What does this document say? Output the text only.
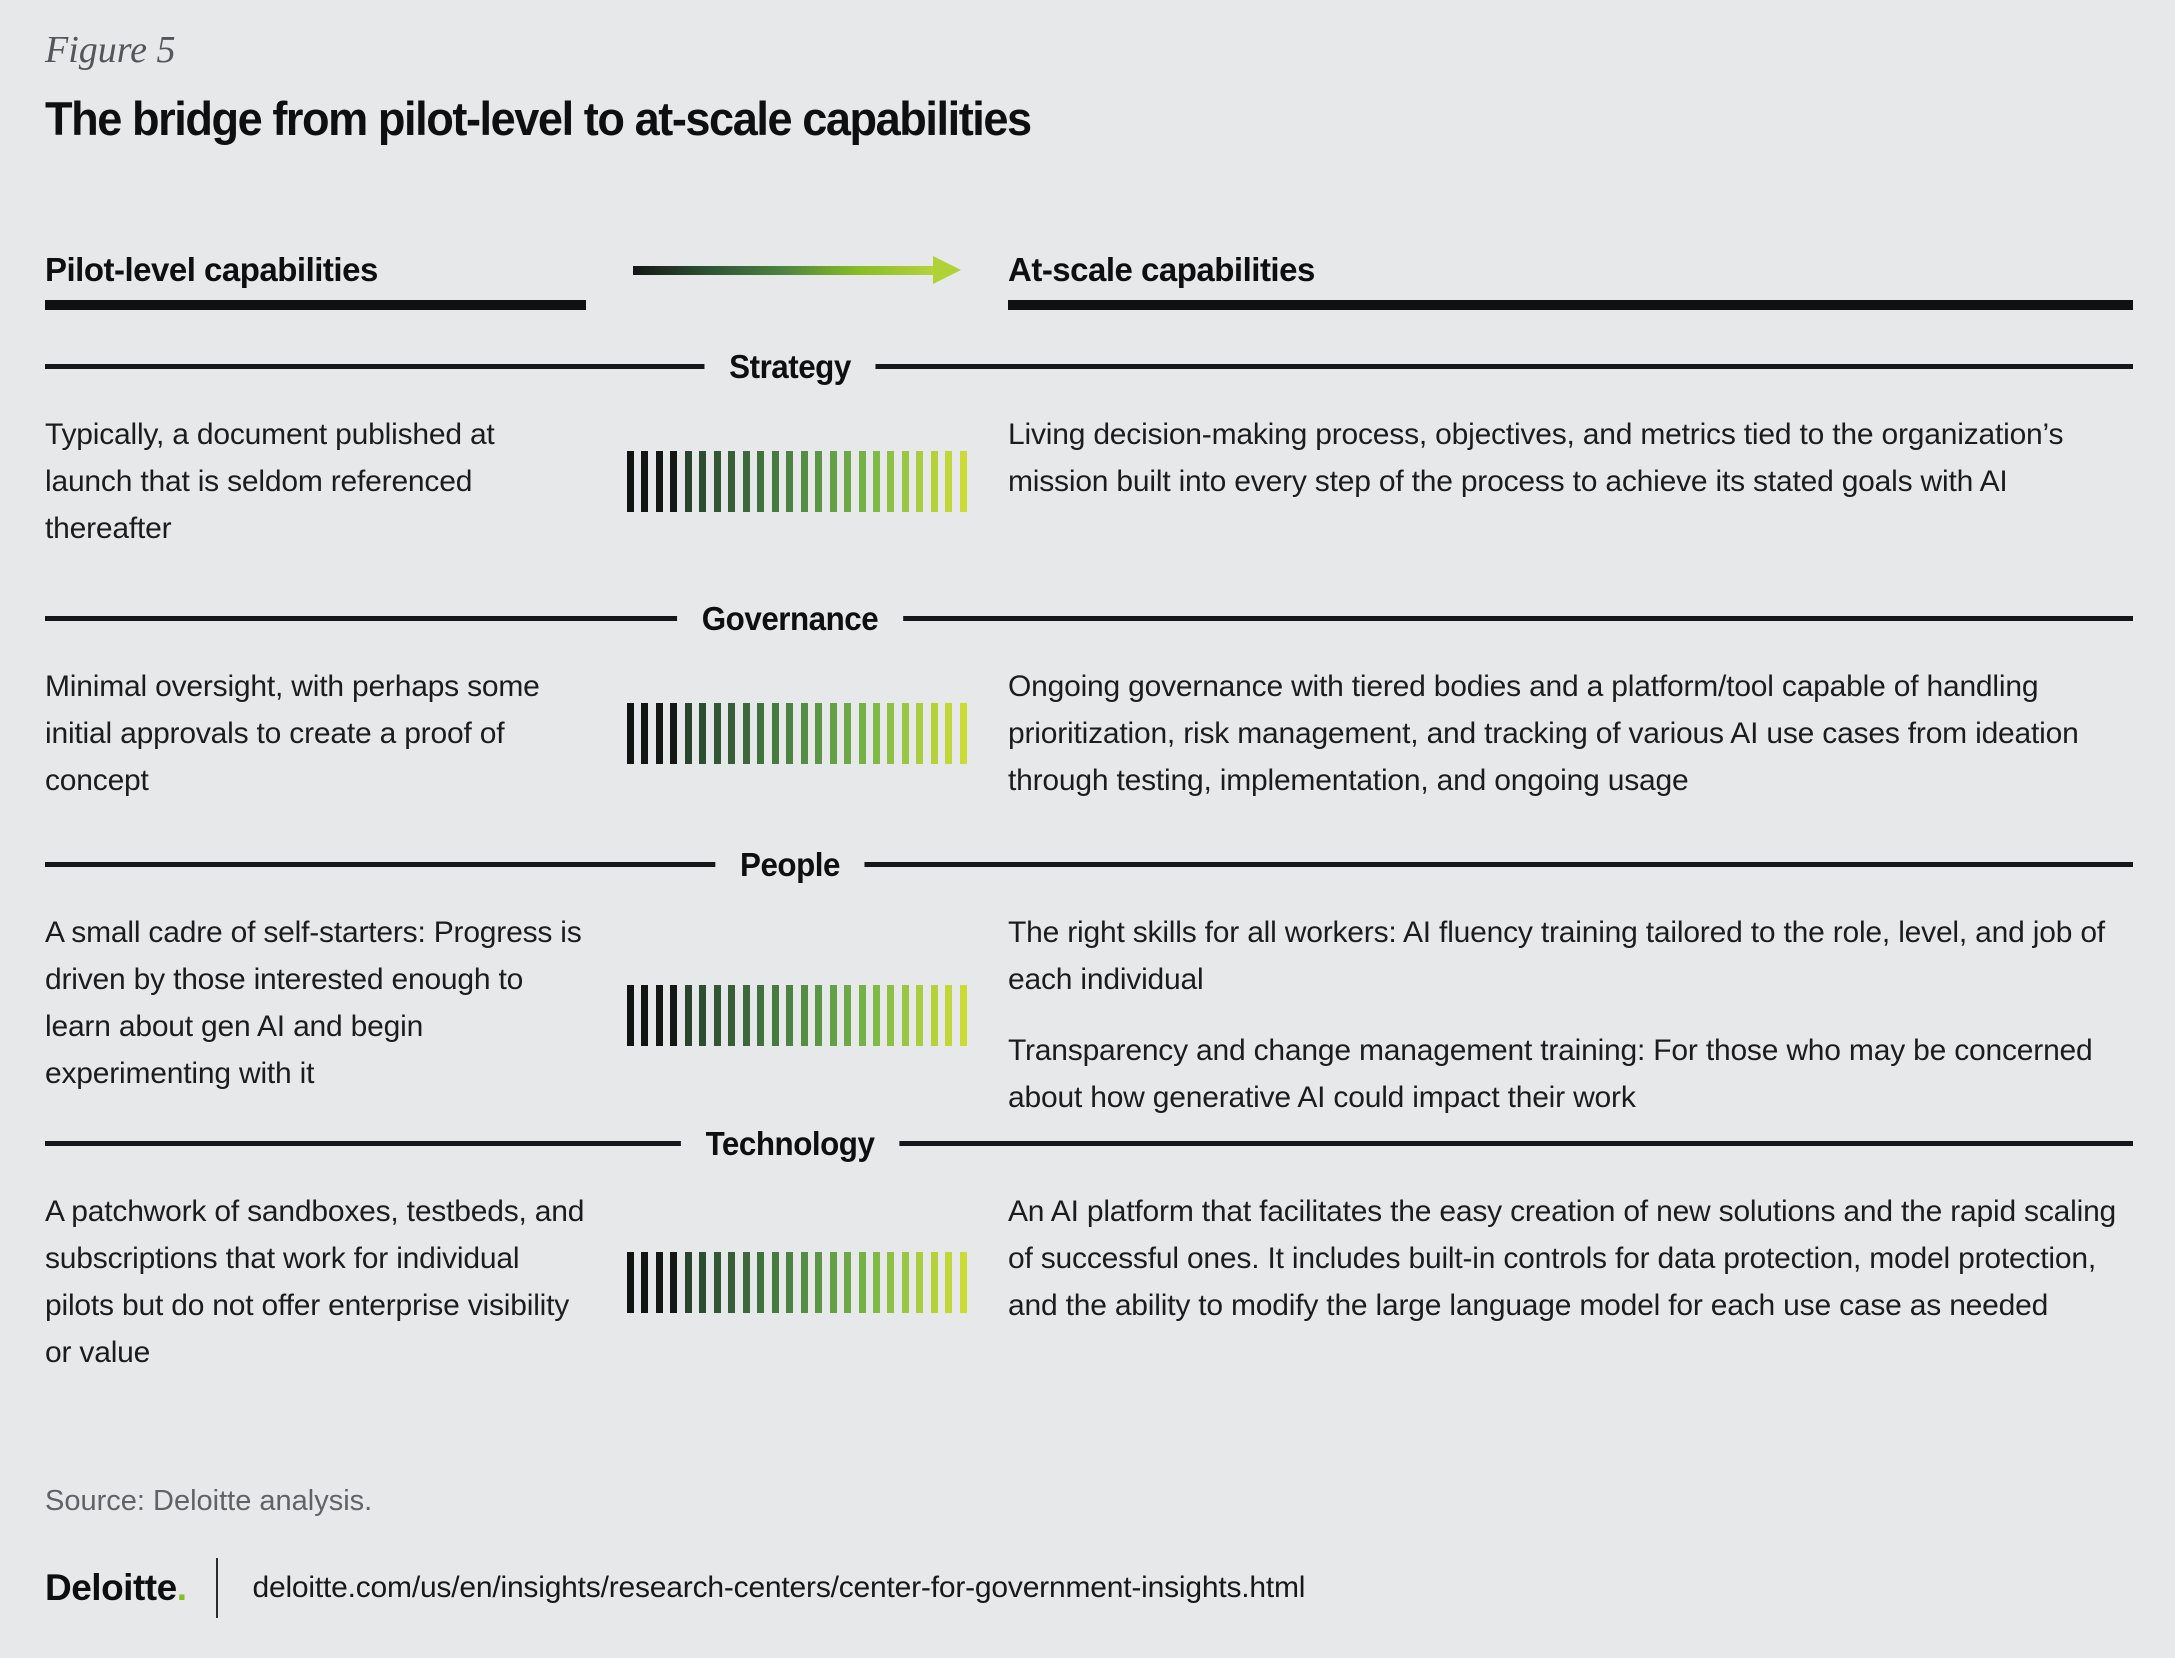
Figure 5
The bridge from pilot-level to at-scale capabilities
Pilot-level capabilities	At-scale capabilities
Strategy
Typically, a document published at launch that is seldom referenced thereafter

Living decision-making process, objectives, and metrics tied to the organization’s mission built into every step of the process to achieve its stated goals with AI

Governance
Minimal oversight, with perhaps some initial approvals to create a proof of concept

Ongoing governance with tiered bodies and a platform/tool capable of handling prioritization, risk management, and tracking of various AI use cases from ideation through testing, implementation, and ongoing usage

People
A small cadre of self-starters: Progress is driven by those interested enough to learn about gen AI and begin experimenting with it

The right skills for all workers: AI fluency training tailored to the role, level, and job of each individual

Transparency and change management training: For those who may be concerned about how generative AI could impact their work

Technology
A patchwork of sandboxes, testbeds, and subscriptions that work for individual pilots but do not offer enterprise visibility or value

An AI platform that facilitates the easy creation of new solutions and the rapid scaling of successful ones. It includes built-in controls for data protection, model protection, and the ability to modify the large language model for each use case as needed

Source: Deloitte analysis.
Deloitte. deloitte.com/us/en/insights/research-centers/center-for-government-insights.html
